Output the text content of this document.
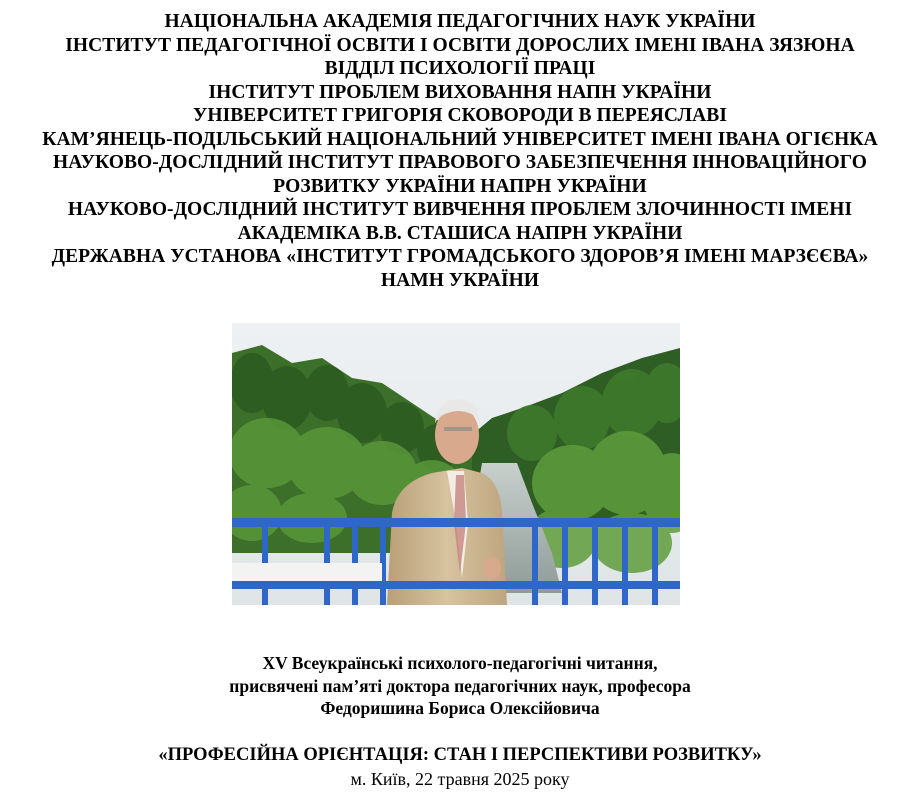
НАЦІОНАЛЬНА АКАДЕМІЯ ПЕДАГОГІЧНИХ НАУК УКРАЇНИ
ІНСТИТУТ ПЕДАГОГІЧНОЇ ОСВІТИ І ОСВІТИ ДОРОСЛИХ ІМЕНІ ІВАНА ЗЯЗЮНА
ВІДДІЛ ПСИХОЛОГІЇ ПРАЦІ
ІНСТИТУТ ПРОБЛЕМ ВИХОВАННЯ НАПН УКРАЇНИ
УНІВЕРСИТЕТ ГРИГОРІЯ СКОВОРОДИ В ПЕРЕЯСЛАВІ
КАМ’ЯНЕЦЬ-ПОДІЛЬСЬКИЙ НАЦІОНАЛЬНИЙ УНІВЕРСИТЕТ ІМЕНІ ІВАНА ОГІЄНКА
НАУКОВО-ДОСЛІДНИЙ ІНСТИТУТ ПРАВОВОГО ЗАБЕЗПЕЧЕННЯ ІННОВАЦІЙНОГО
РОЗВИТКУ УКРАЇНИ НАПРН УКРАЇНИ
НАУКОВО-ДОСЛІДНИЙ ІНСТИТУТ ВИВЧЕННЯ ПРОБЛЕМ ЗЛОЧИННОСТІ ІМЕНІ
АКАДЕМІКА В.В. СТАШИСА НАПРН УКРАЇНИ
ДЕРЖАВНА УСТАНОВА «ІНСТИТУТ ГРОМАДСЬКОГО ЗДОРОВ’Я ІМЕНІ МАРЗЄЄВА»
НАМН УКРАЇНИ
XV Всеукраїнські психолого-педагогічні читання,
присвячені пам’яті доктора педагогічних наук, професора
Федоришина Бориса Олексійовича
«ПРОФЕСІЙНА ОРІЄНТАЦІЯ: СТАН І ПЕРСПЕКТИВИ РОЗВИТКУ»
м. Київ, 22 травня 2025 року
